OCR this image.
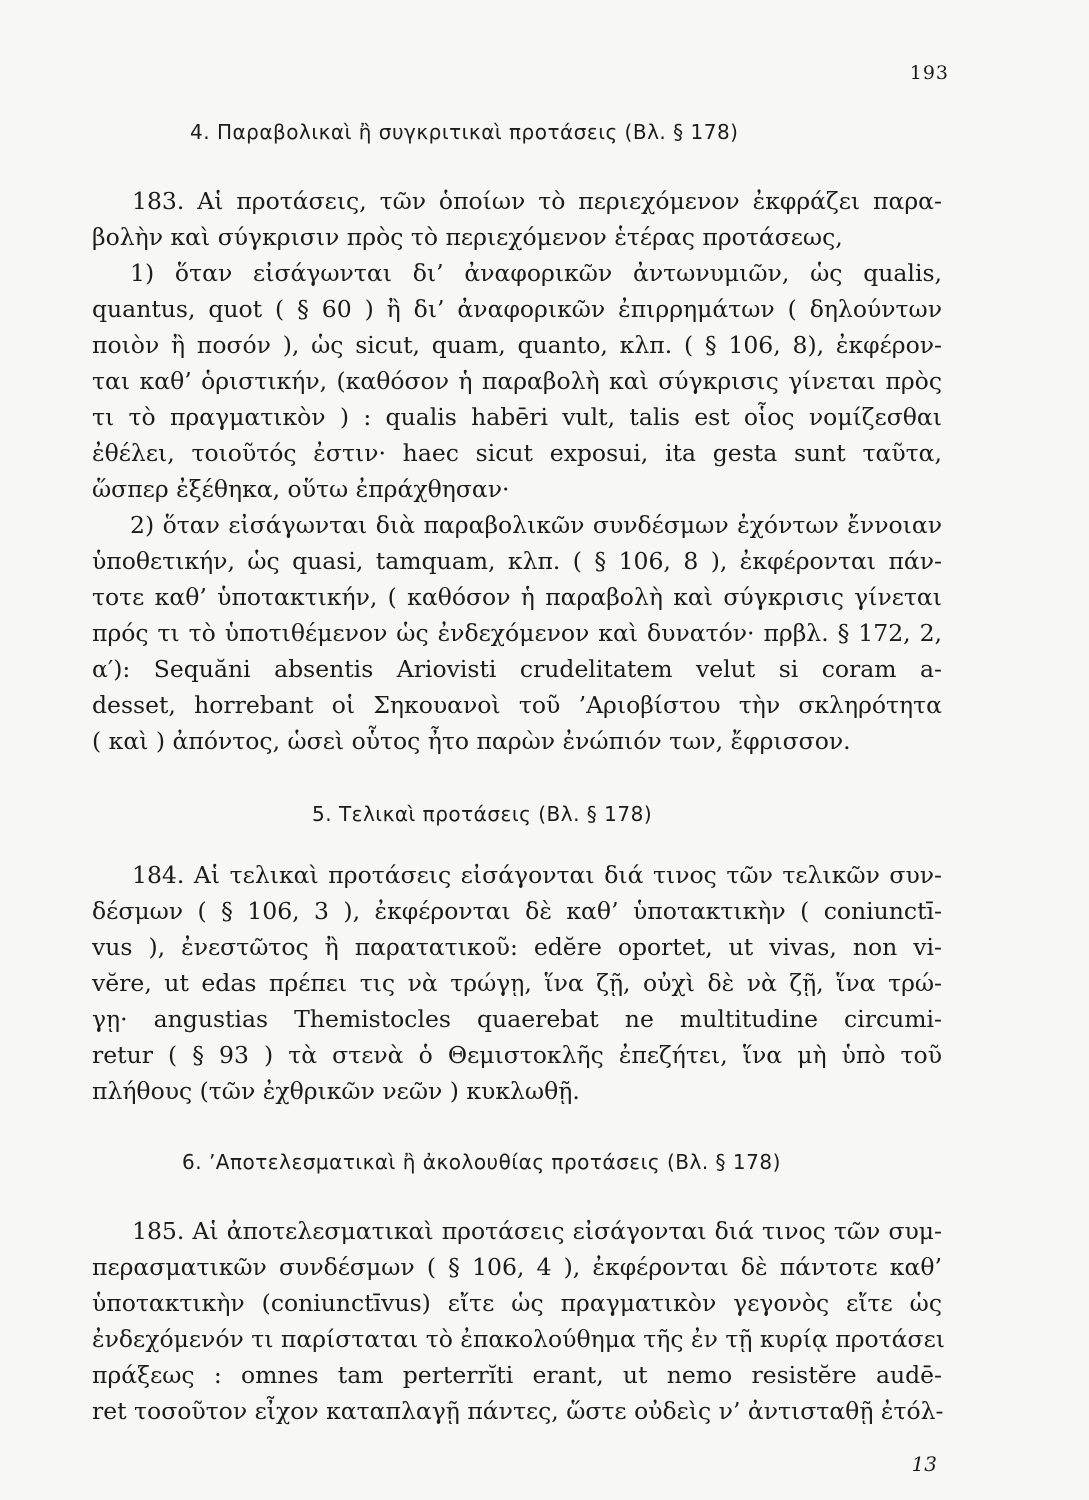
193
4. Παραβολικαὶ ἢ συγκριτικαὶ προτάσεις (Βλ. § 178)
183. Αἱ προτάσεις, τῶν ὁποίων τὸ περιεχόμενον ἐκφράζει παρα-
βολὴν καὶ σύγκρισιν πρὸς τὸ περιεχόμενον ἑτέρας προτάσεως,
1) ὅταν εἰσάγωνται δι’ ἀναφορικῶν ἀντωνυμιῶν, ὡς qualis,
quantus, quot ( § 60 ) ἢ δι’ ἀναφορικῶν ἐπιρρημάτων ( δηλούντων
ποιὸν ἢ ποσόν ), ὡς sicut, quam, quanto, κλπ. ( § 106, 8), ἐκφέρον-
ται καθ’ ὁριστικήν, (καθόσον ἡ παραβολὴ καὶ σύγκρισις γίνεται πρὸς
τι τὸ πραγματικὸν ) : qualis habēri vult, talis est οἷος νομίζεσθαι
ἐθέλει, τοιοῦτός ἐστιν· haec sicut exposui, ita gesta sunt ταῦτα,
ὥσπερ ἐξέθηκα, οὕτω ἐπράχθησαν·
2) ὅταν εἰσάγωνται διὰ παραβολικῶν συνδέσμων ἐχόντων ἔννοιαν
ὑποθετικήν, ὡς quasi, tamquam, κλπ. ( § 106, 8 ), ἐκφέρονται πάν-
τοτε καθ’ ὑποτακτικήν, ( καθόσον ἡ παραβολὴ καὶ σύγκρισις γίνεται
πρός τι τὸ ὑποτιθέμενον ὡς ἐνδεχόμενον καὶ δυνατόν· πρβλ. § 172, 2,
α′): Sequăni absentis Ariovisti crudelitatem velut si coram a-
desset, horrebant οἱ Σηκουανοὶ τοῦ ’Αριοβίστου τὴν σκληρότητα
( καὶ ) ἀπόντος, ὡσεὶ οὗτος ἦτο παρὼν ἐνώπιόν των, ἔφρισσον.
5. Τελικαὶ προτάσεις (Βλ. § 178)
184. Αἱ τελικαὶ προτάσεις εἰσάγονται διά τινος τῶν τελικῶν συν-
δέσμων ( § 106, 3 ), ἐκφέρονται δὲ καθ’ ὑποτακτικὴν ( coniunctī-
vus ), ἐνεστῶτος ἢ παρατατικοῦ: edĕre oportet, ut vivas, non vi-
vĕre, ut edas πρέπει τις νὰ τρώγῃ, ἵνα ζῇ, οὐχὶ δὲ νὰ ζῇ, ἵνα τρώ-
γῃ· angustias Themistocles quaerebat ne multitudine circumi-
retur ( § 93 ) τὰ στενὰ ὁ Θεμιστοκλῆς ἐπεζήτει, ἵνα μὴ ὑπὸ τοῦ
πλήθους (τῶν ἐχθρικῶν νεῶν ) κυκλωθῇ.
6. ’Αποτελεσματικαὶ ἢ ἀκολουθίας προτάσεις (Βλ. § 178)
185. Αἱ ἀποτελεσματικαὶ προτάσεις εἰσάγονται διά τινος τῶν συμ-
περασματικῶν συνδέσμων ( § 106, 4 ), ἐκφέρονται δὲ πάντοτε καθ’
ὑποτακτικὴν (coniunctīvus) εἴτε ὡς πραγματικὸν γεγονὸς εἴτε ὡς
ἐνδεχόμενόν τι παρίσταται τὸ ἐπακολούθημα τῆς ἐν τῇ κυρίᾳ προτάσει
πράξεως : omnes tam perterrĭti erant, ut nemo resistĕre audē-
ret τοσοῦτον εἶχον καταπλαγῇ πάντες, ὥστε οὐδεὶς ν’ ἀντισταθῇ ἐτόλ-
13
